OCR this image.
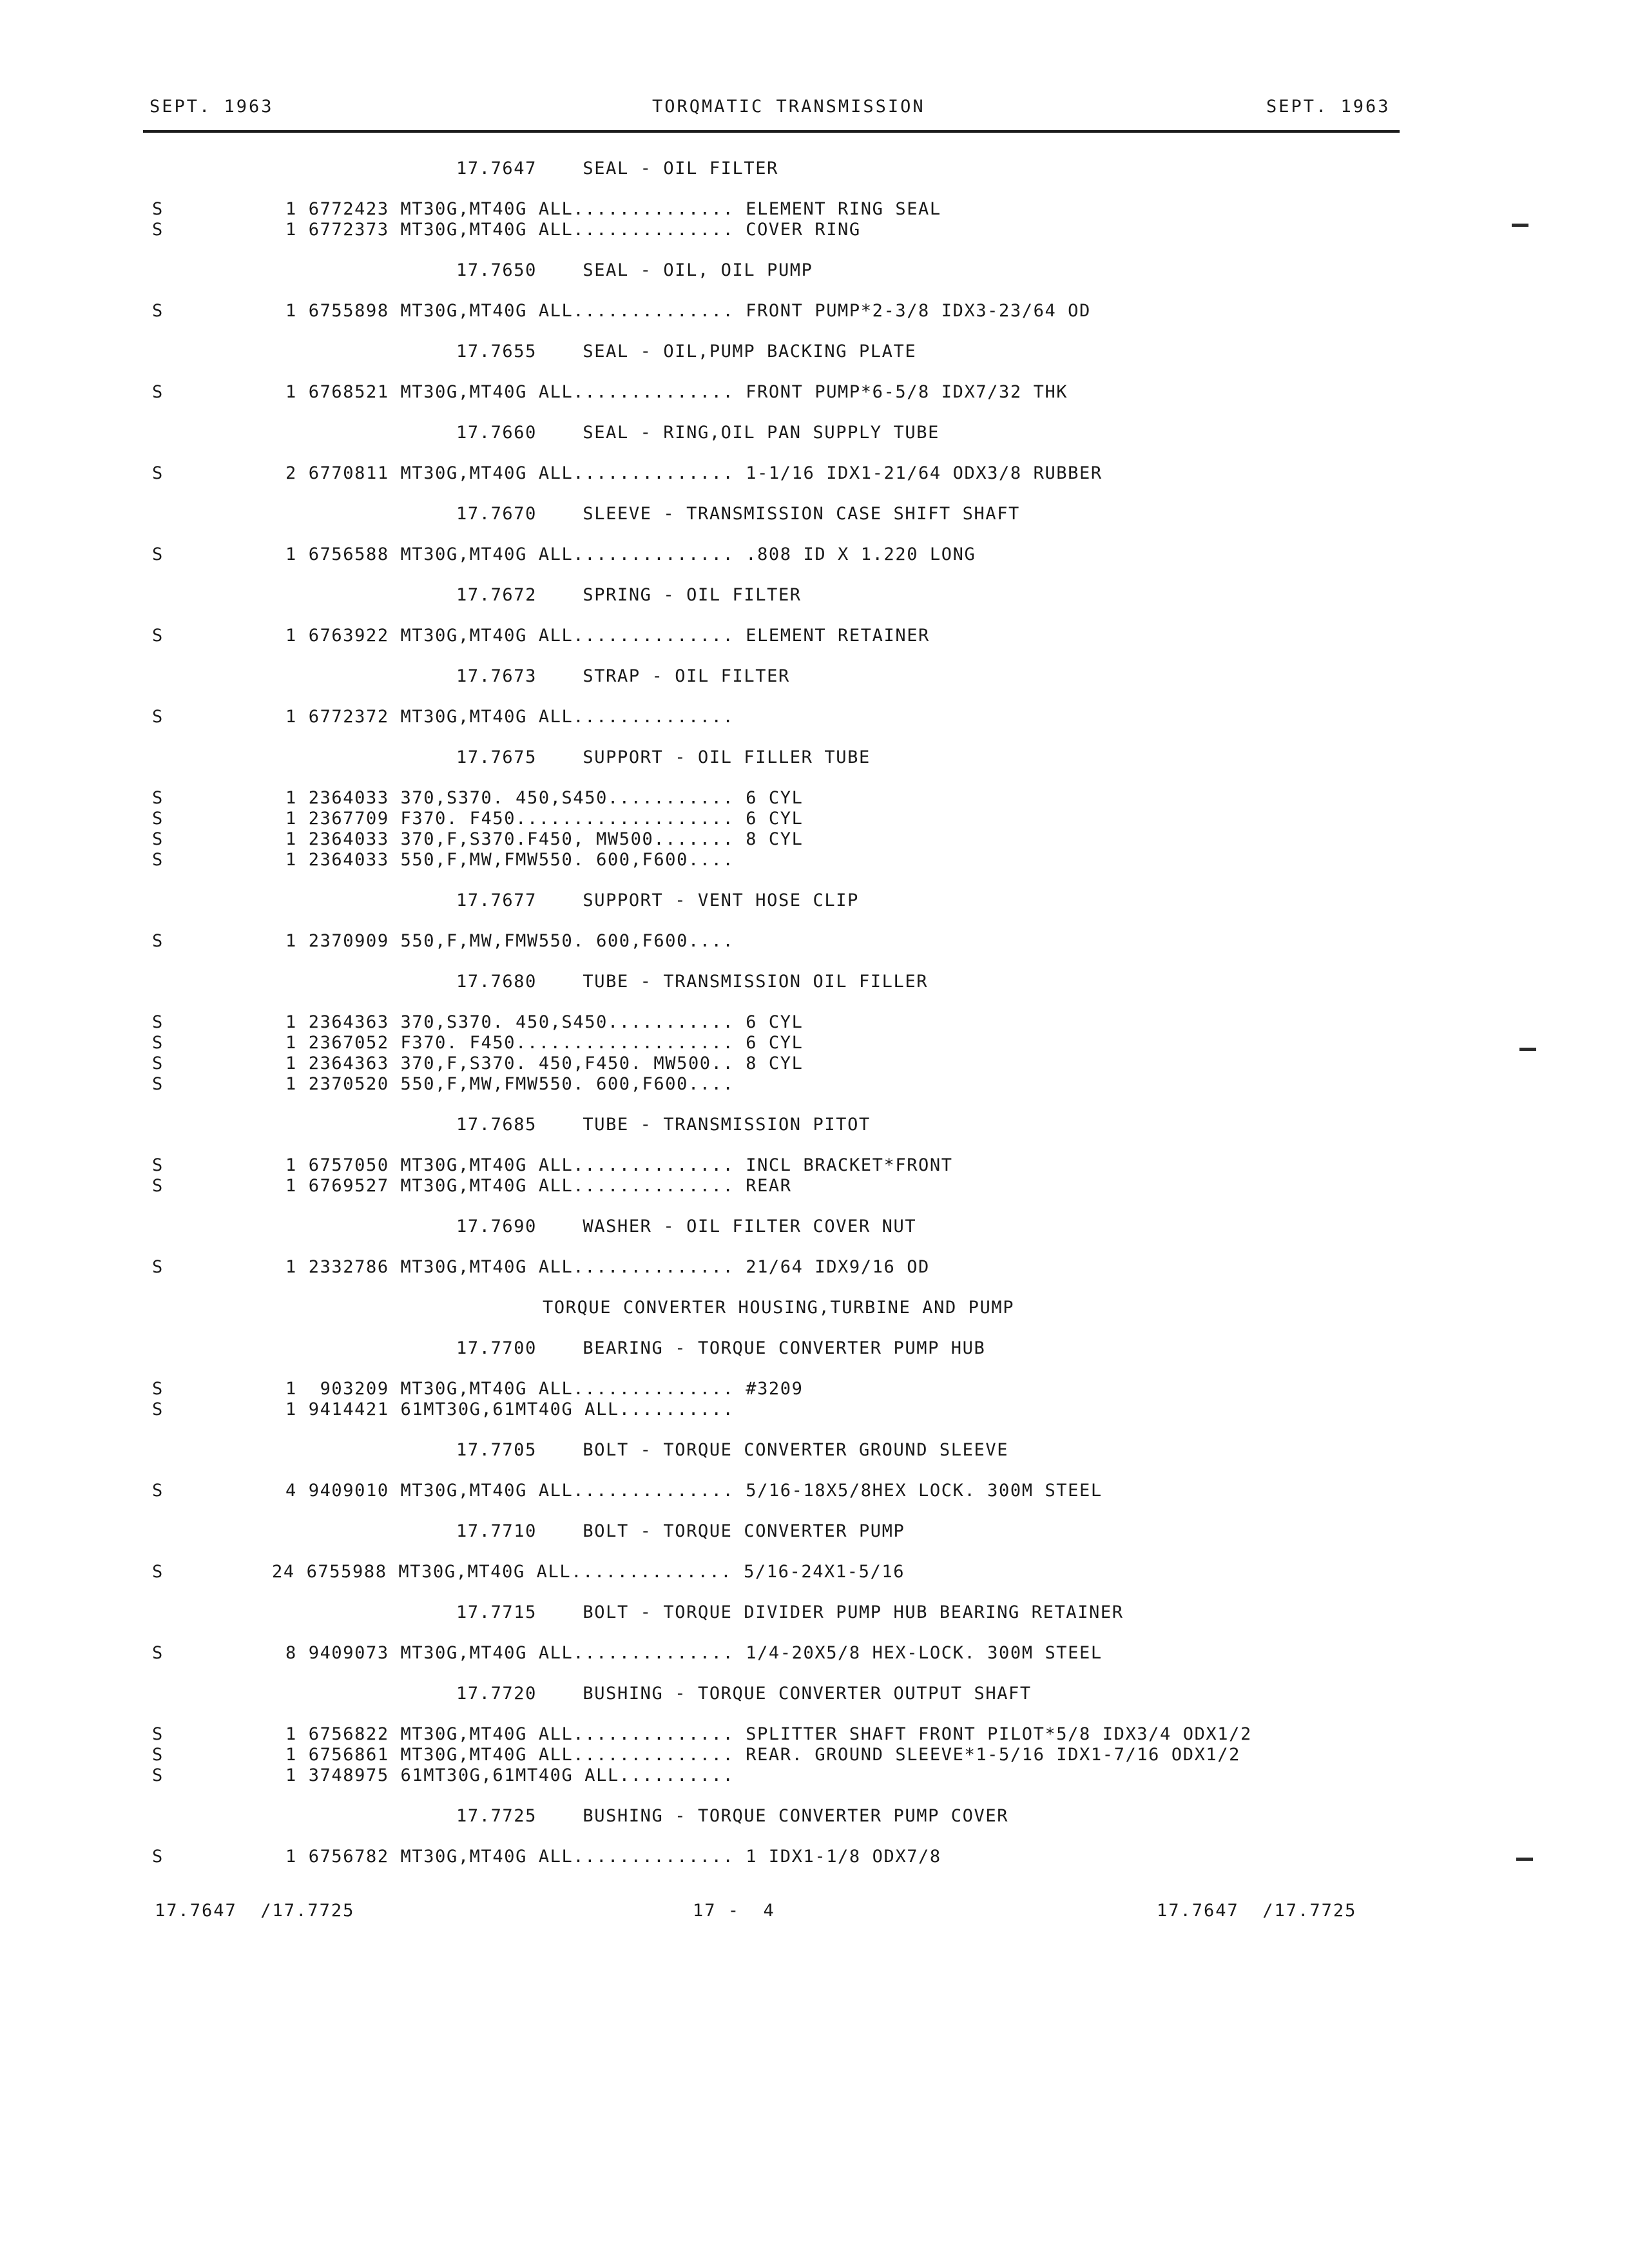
SEPT. 1963	TORQMATIC TRANSMISSION	SEPT. 1963
17.7647    SEAL - OIL FILTER
S	1 6772423 MT30G,MT40G ALL.............. ELEMENT RING SEAL
S	1 6772373 MT30G,MT40G ALL.............. COVER RING
17.7650    SEAL - OIL, OIL PUMP
S	1 6755898 MT30G,MT40G ALL.............. FRONT PUMP*2-3/8 IDX3-23/64 OD
17.7655    SEAL - OIL,PUMP BACKING PLATE
S	1 6768521 MT30G,MT40G ALL.............. FRONT PUMP*6-5/8 IDX7/32 THK
17.7660    SEAL - RING,OIL PAN SUPPLY TUBE
S	2 6770811 MT30G,MT40G ALL.............. 1-1/16 IDX1-21/64 ODX3/8 RUBBER
17.7670    SLEEVE - TRANSMISSION CASE SHIFT SHAFT
S	1 6756588 MT30G,MT40G ALL.............. .808 ID X 1.220 LONG
17.7672    SPRING - OIL FILTER
S	1 6763922 MT30G,MT40G ALL.............. ELEMENT RETAINER
17.7673    STRAP - OIL FILTER
S	1 6772372 MT30G,MT40G ALL..............
17.7675    SUPPORT - OIL FILLER TUBE
S	1 2364033 370,S370. 450,S450........... 6 CYL
S	1 2367709 F370. F450................... 6 CYL
S	1 2364033 370,F,S370.F450, MW500....... 8 CYL
S	1 2364033 550,F,MW,FMW550. 600,F600....
17.7677    SUPPORT - VENT HOSE CLIP
S	1 2370909 550,F,MW,FMW550. 600,F600....
17.7680    TUBE - TRANSMISSION OIL FILLER
S	1 2364363 370,S370. 450,S450........... 6 CYL
S	1 2367052 F370. F450................... 6 CYL
S	1 2364363 370,F,S370. 450,F450. MW500.. 8 CYL
S	1 2370520 550,F,MW,FMW550. 600,F600....
17.7685    TUBE - TRANSMISSION PITOT
S	1 6757050 MT30G,MT40G ALL.............. INCL BRACKET*FRONT
S	1 6769527 MT30G,MT40G ALL.............. REAR
17.7690    WASHER - OIL FILTER COVER NUT
S	1 2332786 MT30G,MT40G ALL.............. 21/64 IDX9/16 OD
TORQUE CONVERTER HOUSING,TURBINE AND PUMP
17.7700    BEARING - TORQUE CONVERTER PUMP HUB
S	1  903209 MT30G,MT40G ALL.............. #3209
S	1 9414421 61MT30G,61MT40G ALL..........
17.7705    BOLT - TORQUE CONVERTER GROUND SLEEVE
S	4 9409010 MT30G,MT40G ALL.............. 5/16-18X5/8HEX LOCK. 300M STEEL
17.7710    BOLT - TORQUE CONVERTER PUMP
S	24 6755988 MT30G,MT40G ALL.............. 5/16-24X1-5/16
17.7715    BOLT - TORQUE DIVIDER PUMP HUB BEARING RETAINER
S	8 9409073 MT30G,MT40G ALL.............. 1/4-20X5/8 HEX-LOCK. 300M STEEL
17.7720    BUSHING - TORQUE CONVERTER OUTPUT SHAFT
S	1 6756822 MT30G,MT40G ALL.............. SPLITTER SHAFT FRONT PILOT*5/8 IDX3/4 ODX1/2
S	1 6756861 MT30G,MT40G ALL.............. REAR. GROUND SLEEVE*1-5/16 IDX1-7/16 ODX1/2
S	1 3748975 61MT30G,61MT40G ALL..........
17.7725    BUSHING - TORQUE CONVERTER PUMP COVER
S	1 6756782 MT30G,MT40G ALL.............. 1 IDX1-1/8 ODX7/8
17.7647  /17.7725	17 -  4	17.7647  /17.7725
